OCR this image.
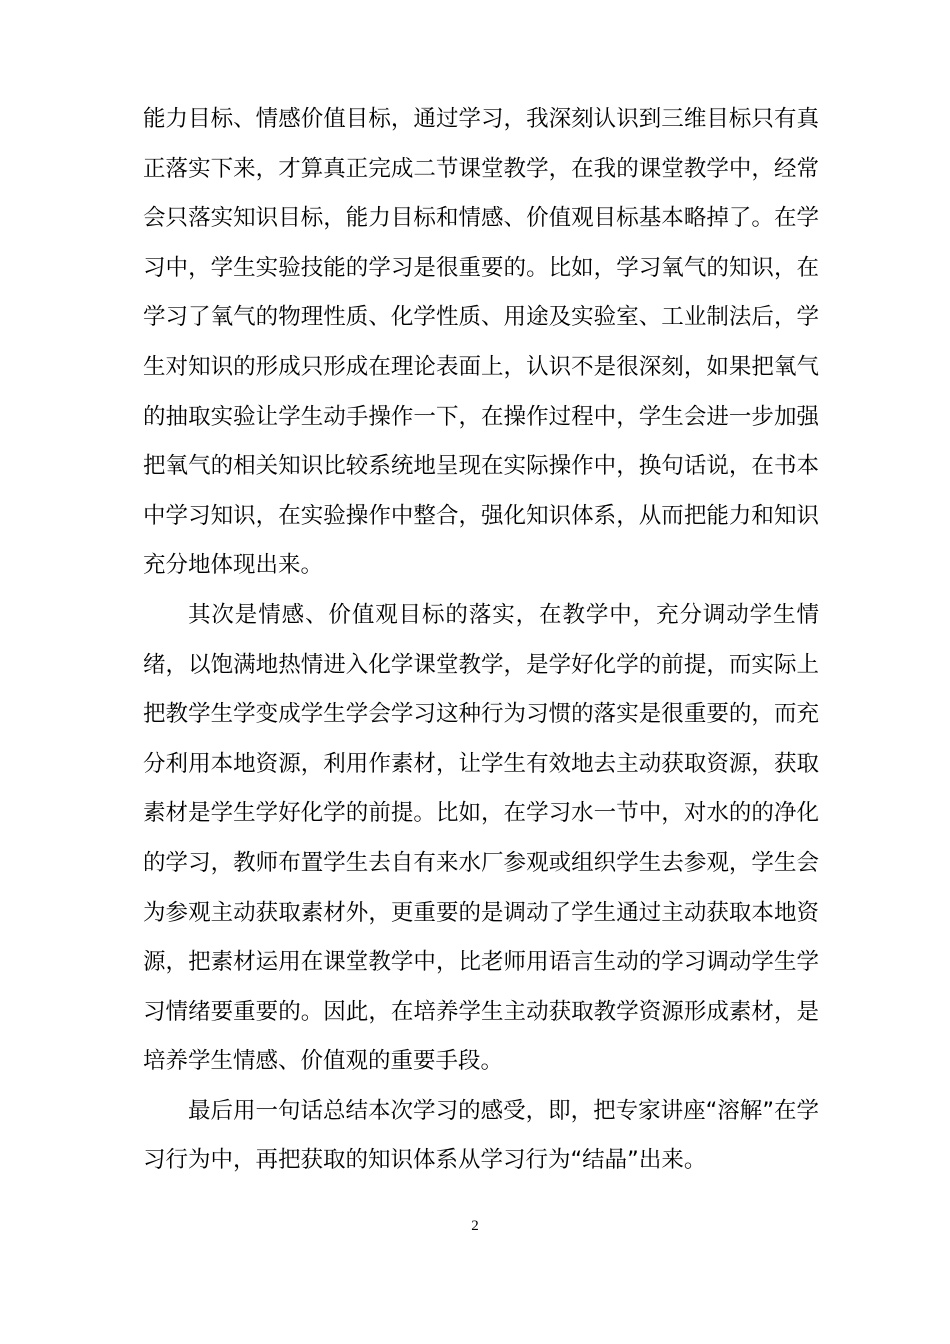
能力目标、情感价值目标，通过学习，我深刻认识到三维目标只有真正落实下来，才算真正完成二节课堂教学，在我的课堂教学中，经常会只落实知识目标，能力目标和情感、价值观目标基本略掉了。在学习中，学生实验技能的学习是很重要的。比如，学习氧气的知识，在学习了氧气的物理性质、化学性质、用途及实验室、工业制法后，学生对知识的形成只形成在理论表面上，认识不是很深刻，如果把氧气的抽取实验让学生动手操作一下，在操作过程中，学生会进一步加强把氧气的相关知识比较系统地呈现在实际操作中，换句话说，在书本中学习知识，在实验操作中整合，强化知识体系，从而把能力和知识充分地体现出来。

其次是情感、价值观目标的落实，在教学中，充分调动学生情绪，以饱满地热情进入化学课堂教学，是学好化学的前提，而实际上把教学生学变成学生学会学习这种行为习惯的落实是很重要的，而充分利用本地资源，利用作素材，让学生有效地去主动获取资源，获取素材是学生学好化学的前提。比如，在学习水一节中，对水的的净化的学习，教师布置学生去自有来水厂参观或组织学生去参观，学生会为参观主动获取素材外，更重要的是调动了学生通过主动获取本地资源，把素材运用在课堂教学中，比老师用语言生动的学习调动学生学习情绪要重要的。因此，在培养学生主动获取教学资源形成素材，是培养学生情感、价值观的重要手段。

最后用一句话总结本次学习的感受，即，把专家讲座“溶解”在学习行为中，再把获取的知识体系从学习行为“结晶”出来。

2
